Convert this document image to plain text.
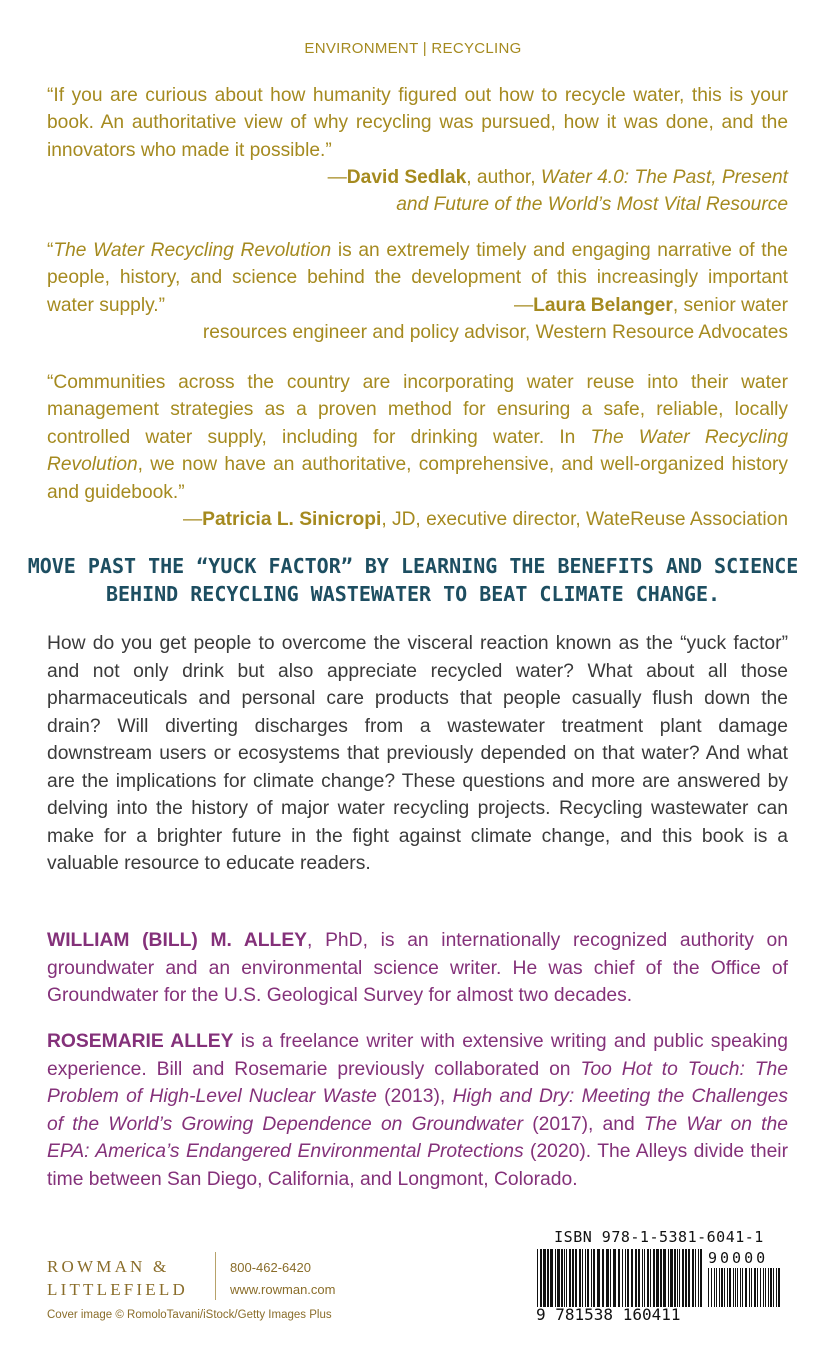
ENVIRONMENT | RECYCLING
“If you are curious about how humanity figured out how to recycle water, this is your book. An authoritative view of why recycling was pursued, how it was done, and the innovators who made it possible.”
—David Sedlak, author, Water 4.0: The Past, Present
and Future of the World’s Most Vital Resource
“The Water Recycling Revolution is an extremely timely and engaging narrative of the people, history, and science behind the development of this increasingly important water supply.”	—Laura Belanger, senior water
resources engineer and policy advisor, Western Resource Advocates
“Communities across the country are incorporating water reuse into their water management strategies as a proven method for ensuring a safe, reliable, locally controlled water supply, including for drinking water. In The Water Recycling Revolution, we now have an authoritative, comprehensive, and well-organized history and guidebook.”
—Patricia L. Sinicropi, JD, executive director, WateReuse Association
MOVE PAST THE “YUCK FACTOR” BY LEARNING THE BENEFITS AND SCIENCE
BEHIND RECYCLING WASTEWATER TO BEAT CLIMATE CHANGE.
How do you get people to overcome the visceral reaction known as the “yuck factor” and not only drink but also appreciate recycled water? What about all those pharmaceuticals and personal care products that people casually flush down the drain? Will diverting discharges from a wastewater treatment plant damage downstream users or ecosystems that previously depended on that water? And what are the implications for climate change? These questions and more are answered by delving into the history of major water recycling projects. Recycling wastewater can make for a brighter future in the fight against climate change, and this book is a valuable resource to educate readers.
WILLIAM (BILL) M. ALLEY, PhD, is an internationally recognized authority on groundwater and an environmental science writer. He was chief of the Office of Groundwater for the U.S. Geological Survey for almost two decades.
ROSEMARIE ALLEY is a freelance writer with extensive writing and public speaking experience. Bill and Rosemarie previously collaborated on Too Hot to Touch: The Problem of High-Level Nuclear Waste (2013), High and Dry: Meeting the Challenges of the World’s Growing Dependence on Groundwater (2017), and The War on the EPA: America’s Endangered Environmental Protections (2020). The Alleys divide their time between San Diego, California, and Longmont, Colorado.
ROWMAN &
LITTLEFIELD
800-462-6420
www.rowman.com
Cover image © RomoloTavani/iStock/Getty Images Plus
ISBN 978-1-5381-6041-1
90000
9 781538 160411
